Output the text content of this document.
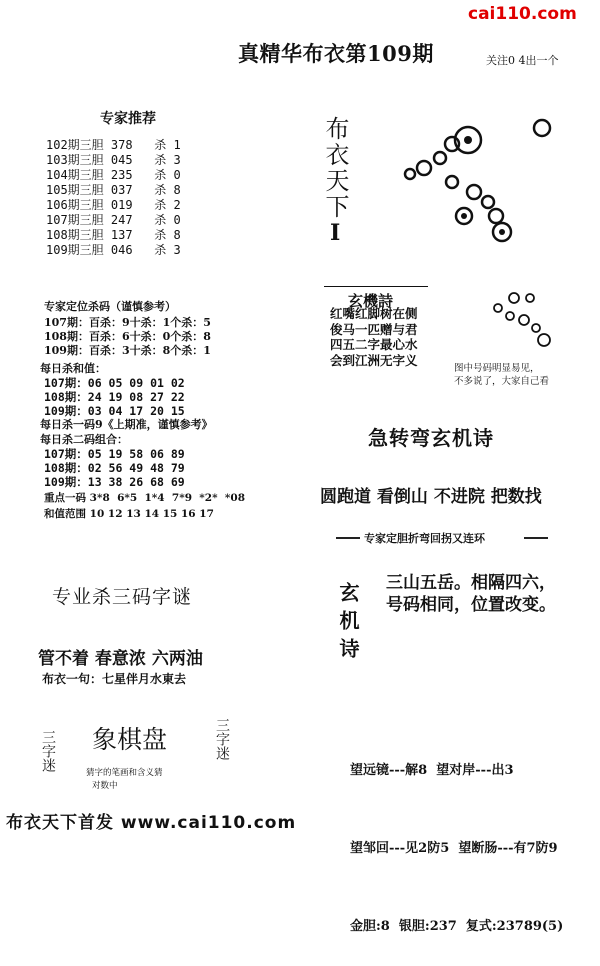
cai110.com
真精华布衣第109期	关注0 4出一个
专家推荐
102期三胆 378   杀 1
103期三胆 045   杀 3
104期三胆 235   杀 0
105期三胆 037   杀 8
106期三胆 019   杀 2
107期三胆 247   杀 0
108期三胆 137   杀 8
109期三胆 046   杀 3
专家定位杀码（谨慎参考）
107期：百杀：9十杀：1个杀：5
108期：百杀：6十杀：0个杀：8
109期：百杀：3十杀：8个杀：1
每日杀和值：
107期：06 05 09 01 02
108期：24 19 08 27 22
109期：03 04 17 20 15
每日杀一码9《上期准，谨慎参考》
每日杀二码组合：
107期：05 19 58 06 89
108期：02 56 49 48 79
109期：13 38 26 68 69
重点一码 3*8  6*5  1*4  7*9  *2*  *08
和值范围 10 12 13 14 15 16 17
布衣天下
I
玄機詩
红嘴红脚树在侧
俊马一匹赠与君
四五二字最心水
会到江洲无字义
图中号码明显易见，
不多说了，大家自己看
急转弯玄机诗
圆跑道 看倒山 不进院 把数找
专家定胆折弯回拐又连环
专业杀三码字谜
管不着 春意浓 六两油
布衣一句：七星伴月水東去
玄机诗 三山五岳。相隔四六，
号码相同，位置改变。
三字迷 象棋盘	三字迷
猜字的笔画和含义猜
对数中

望远镜---解8  望对岸---出3

望邹回---见2防5  望断肠---有7防9

金胆:8  银胆:237  复式:23789(5)

布衣天下首发 www.cai110.com
